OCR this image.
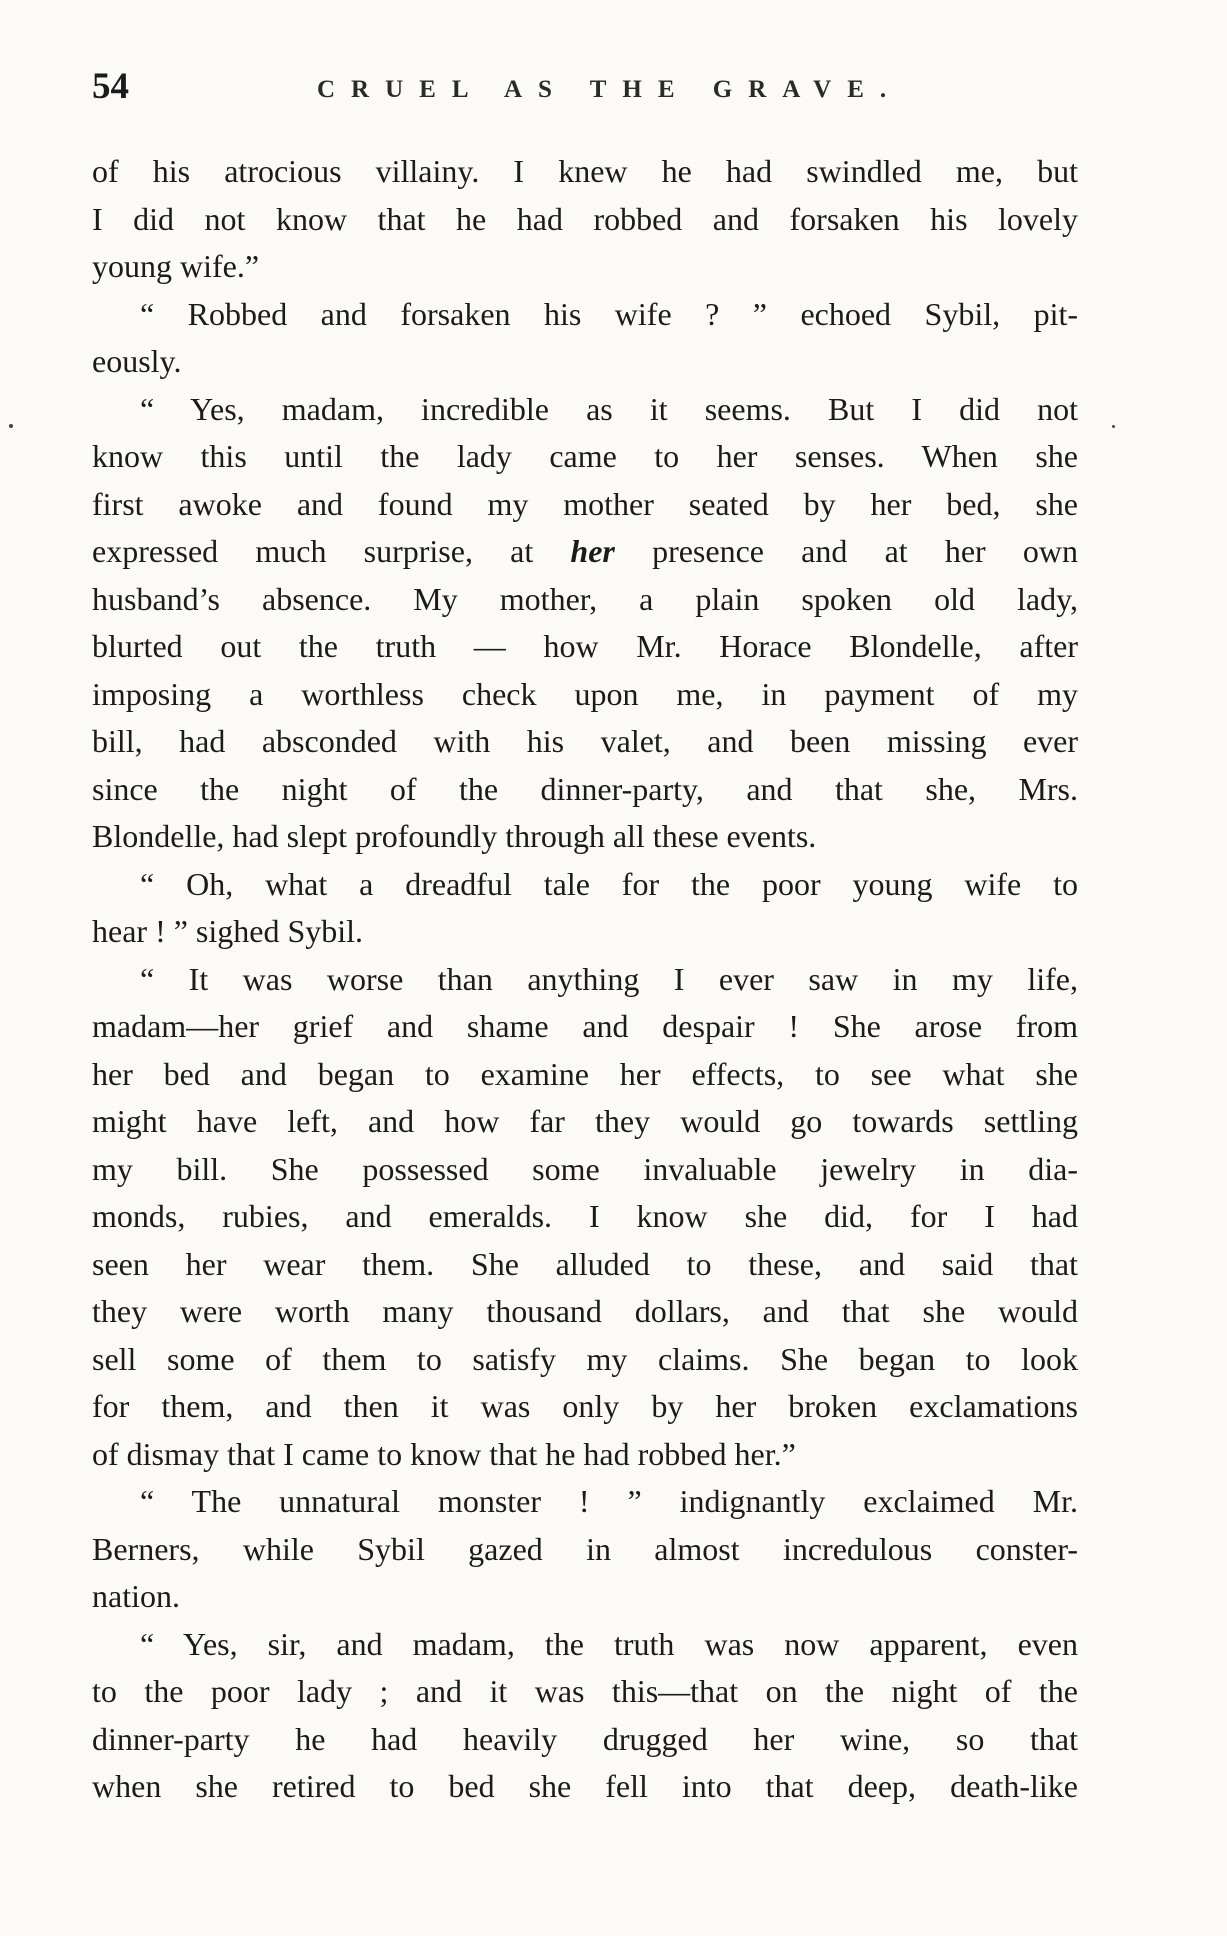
54	CRUEL AS THE GRAVE.
of his atrocious villainy. I knew he had swindled me, but
I did not know that he had robbed and forsaken his lovely
young wife.”
“ Robbed and forsaken his wife ? ” echoed Sybil, pit-
eously.
“ Yes, madam, incredible as it seems. But I did not
know this until the lady came to her senses. When she
first awoke and found my mother seated by her bed, she
expressed much surprise, at her presence and at her own
husband’s absence. My mother, a plain spoken old lady,
blurted out the truth — how Mr. Horace Blondelle, after
imposing a worthless check upon me, in payment of my
bill, had absconded with his valet, and been missing ever
since the night of the dinner-party, and that she, Mrs.
Blondelle, had slept profoundly through all these events.
“ Oh, what a dreadful tale for the poor young wife to
hear ! ” sighed Sybil.
“ It was worse than anything I ever saw in my life,
madam—her grief and shame and despair ! She arose from
her bed and began to examine her effects, to see what she
might have left, and how far they would go towards settling
my bill. She possessed some invaluable jewelry in dia-
monds, rubies, and emeralds. I know she did, for I had
seen her wear them. She alluded to these, and said that
they were worth many thousand dollars, and that she would
sell some of them to satisfy my claims. She began to look
for them, and then it was only by her broken exclamations
of dismay that I came to know that he had robbed her.”
“ The unnatural monster ! ” indignantly exclaimed Mr.
Berners, while Sybil gazed in almost incredulous conster-
nation.
“ Yes, sir, and madam, the truth was now apparent, even
to the poor lady ; and it was this—that on the night of the
dinner-party he had heavily drugged her wine, so that
when she retired to bed she fell into that deep, death-like
